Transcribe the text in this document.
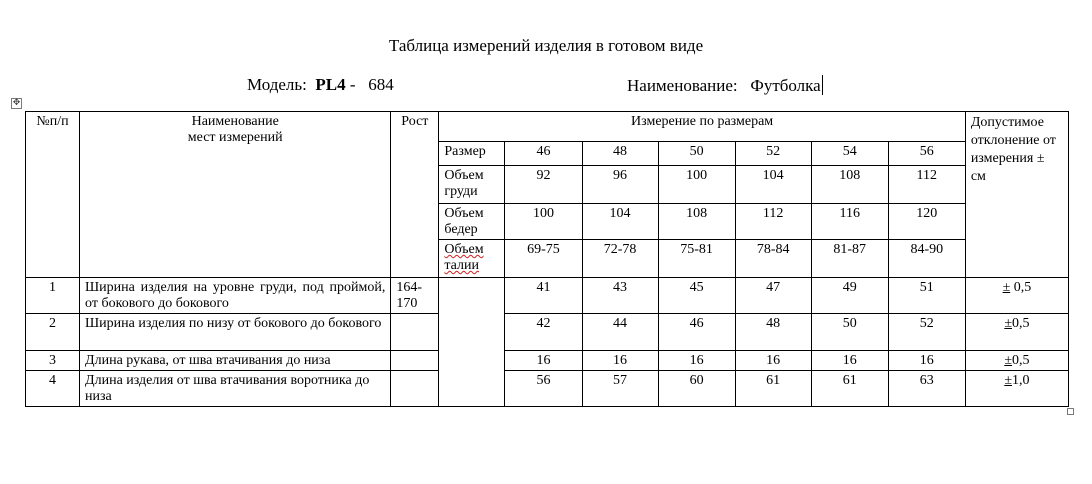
Таблица измерений изделия в готовом виде
Модель: PL4 - 684	Наименование: Футболка
✥
№п/п	Наименование мест измерений	Рост	Измерение по размерам							Допустимое отклонение от измерения ± см
			Размер	46	48	50	52	54	56	
			Объем груди	92	96	100	104	108	112	
			Объем бедер	100	104	108	112	116	120	
			Объем талии	69-75	72-78	75-81	78-84	81-87	84-90	
1	Ширина изделия на уровне груди, под проймой, от бокового до бокового	164-170		41	43	45	47	49	51	± 0,5
2	Ширина изделия по низу от бокового до бокового			42	44	46	48	50	52	±0,5
3	Длина рукава, от шва втачивания до низа			16	16	16	16	16	16	±0,5
4	Длина изделия от шва втачивания воротника до низа			56	57	60	61	61	63	±1,0
